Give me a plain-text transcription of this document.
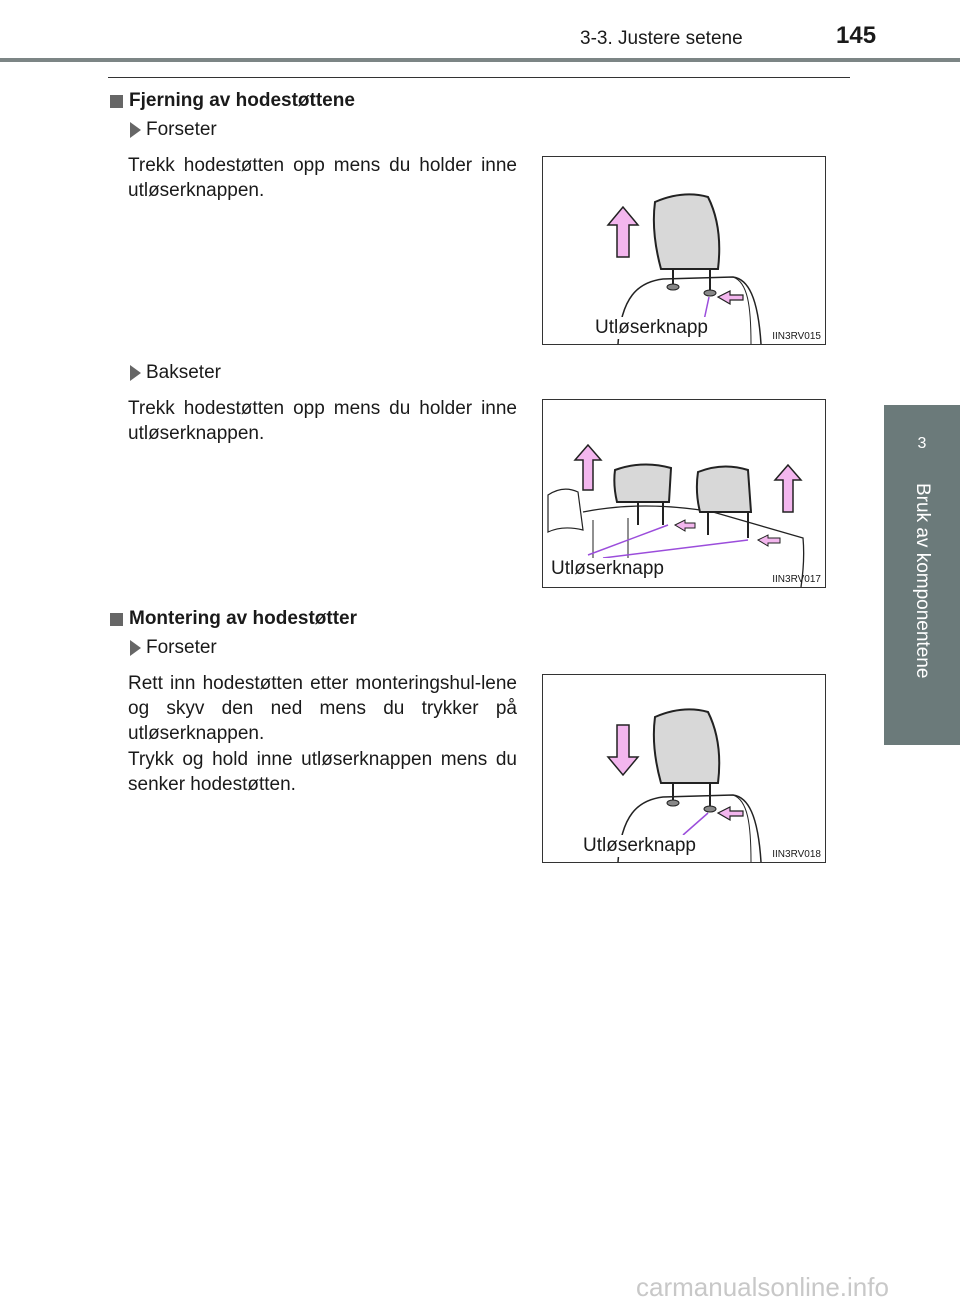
3-3. Justere setene	145
3
Bruk av komponentene
Fjerning av hodestøttene
Forseter
Trekk hodestøtten opp mens du holder inne utløserknappen.
Utløserknapp	IIN3RV015
Bakseter
Trekk hodestøtten opp mens du holder inne utløserknappen.
Utløserknapp
IIN3RV017
Montering av hodestøtter
Forseter
Rett inn hodestøtten etter monteringshul-lene og skyv den ned mens du trykker på utløserknappen.
Trykk og hold inne utløserknappen mens du senker hodestøtten.
Utløserknapp	IIN3RV018
carmanualsonline.info
